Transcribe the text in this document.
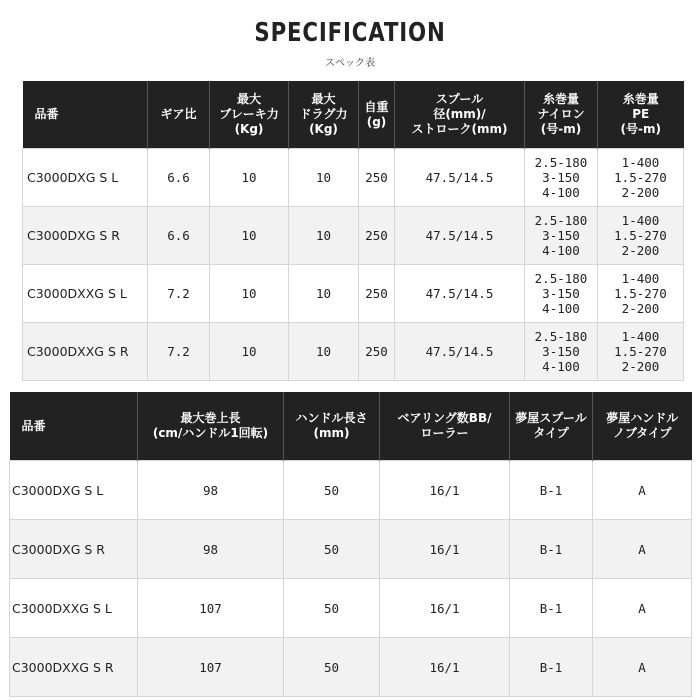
SPECIFICATION
スペック表
品番	ギア比	最大
ブレーキ力
(Kg)	最大
ドラグ力
(Kg)	自重
(g)	スプール
径(mm)/
ストローク(mm)	糸巻量
ナイロン
(号-m)	糸巻量
PE
(号-m)
C3000DXG S L	6.6	10	10	250	47.5/14.5	2.5-180
3-150
4-100	1-400
1.5-270
2-200
C3000DXG S R	6.6	10	10	250	47.5/14.5	2.5-180
3-150
4-100	1-400
1.5-270
2-200
C3000DXXG S L	7.2	10	10	250	47.5/14.5	2.5-180
3-150
4-100	1-400
1.5-270
2-200
C3000DXXG S R	7.2	10	10	250	47.5/14.5	2.5-180
3-150
4-100	1-400
1.5-270
2-200
品番	最大巻上長
(cm/ハンドル1回転)	ハンドル長さ
(mm)	ベアリング数BB/
ローラー	夢屋スプール
タイプ	夢屋ハンドル
ノブタイプ
C3000DXG S L	98	50	16/1	B-1	A
C3000DXG S R	98	50	16/1	B-1	A
C3000DXXG S L	107	50	16/1	B-1	A
C3000DXXG S R	107	50	16/1	B-1	A
